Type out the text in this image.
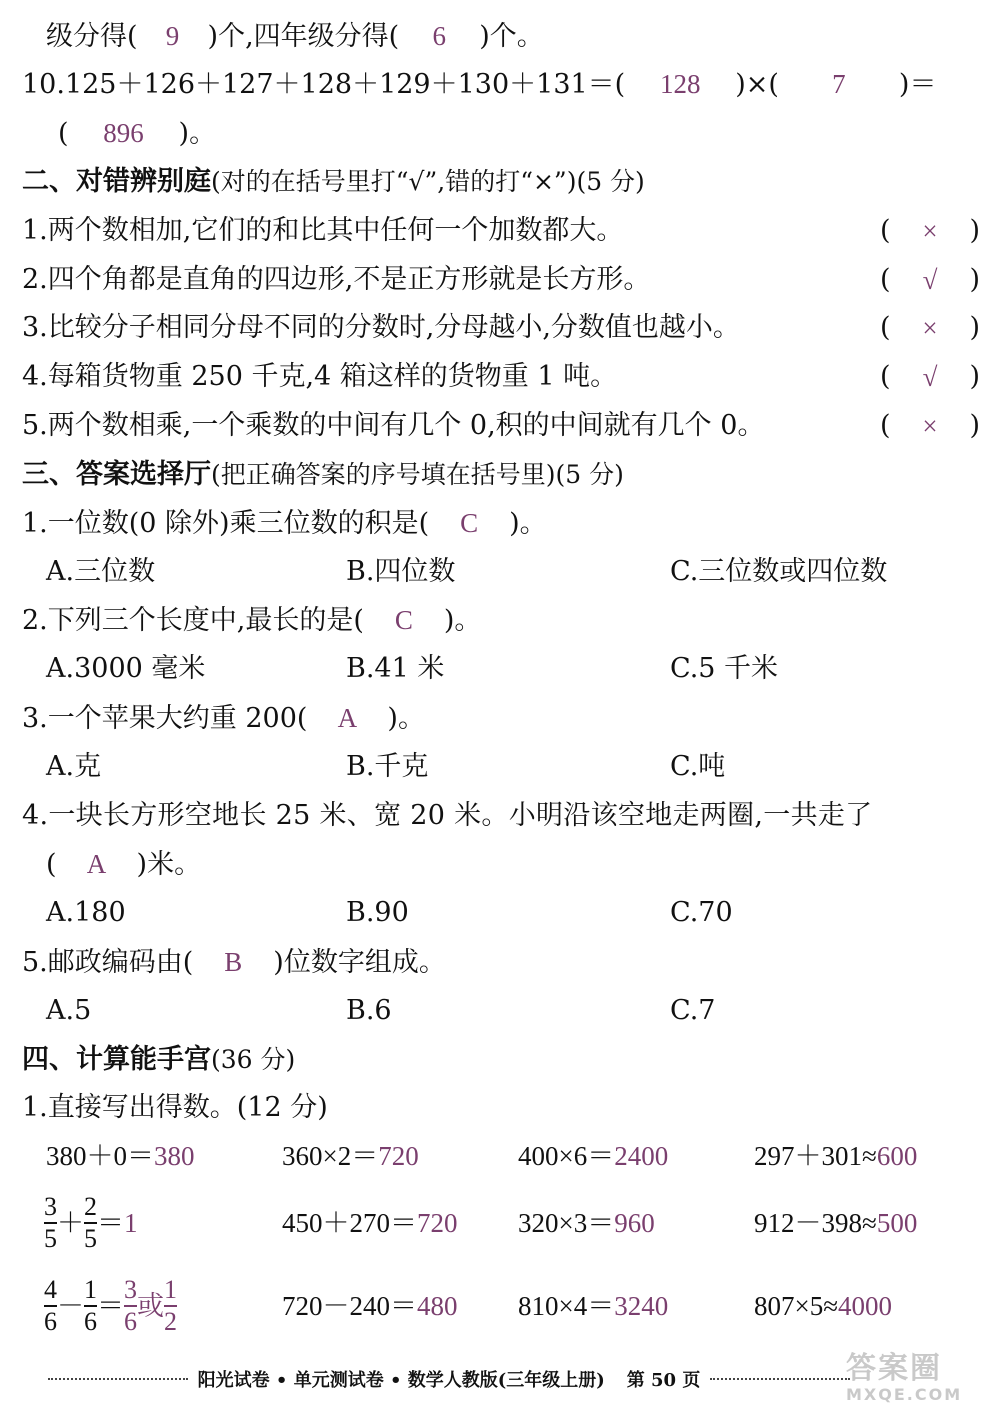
级分得( 9 )个,四年级分得( 6 )个。
10.125＋126＋127＋128＋129＋130＋131＝( 128 )×( 7 )＝
( 896 )。
二、对错辨别庭(对的在括号里打“√”,错的打“×”)(5 分)
1.两个数相加,它们的和比其中任何一个加数都大。	(	×	)
2.四个角都是直角的四边形,不是正方形就是长方形。	(	√	)
3.比较分子相同分母不同的分数时,分母越小,分数值也越小。	(	×	)
4.每箱货物重 250 千克,4 箱这样的货物重 1 吨。	(	√	)
5.两个数相乘,一个乘数的中间有几个 0,积的中间就有几个 0。	(	×	)
三、答案选择厅(把正确答案的序号填在括号里)(5 分)
1.一位数(0 除外)乘三位数的积是( C )。
A.三位数	B.四位数	C.三位数或四位数
2.下列三个长度中,最长的是( C )。
A.3000 毫米	B.41 米	C.5 千米
3.一个苹果大约重 200( A )。
A.克	B.千克	C.吨
4.一块长方形空地长 25 米、宽 20 米。小明沿该空地走两圈,一共走了
( A )米。
A.180	B.90	C.70
5.邮政编码由( B )位数字组成。
A.5	B.6	C.7
四、计算能手宫(36 分)
1.直接写出得数。(12 分)
380＋0＝380	360×2＝720	400×6＝2400	297＋301≈600
$\frac{3}{5} + \frac{2}{5} = 1$	450＋270＝720 320×3＝960	912－398≈500
$\frac{4}{6} - \frac{1}{6} = \frac{3}{6}$ 或 $\frac{1}{2}$	720－240＝480 810×4＝3240	807×5≈4000
阳光试卷 • 单元测试卷 • 数学人教版(三年级上册) 第 50 页	答案圈
MXQE.COM
